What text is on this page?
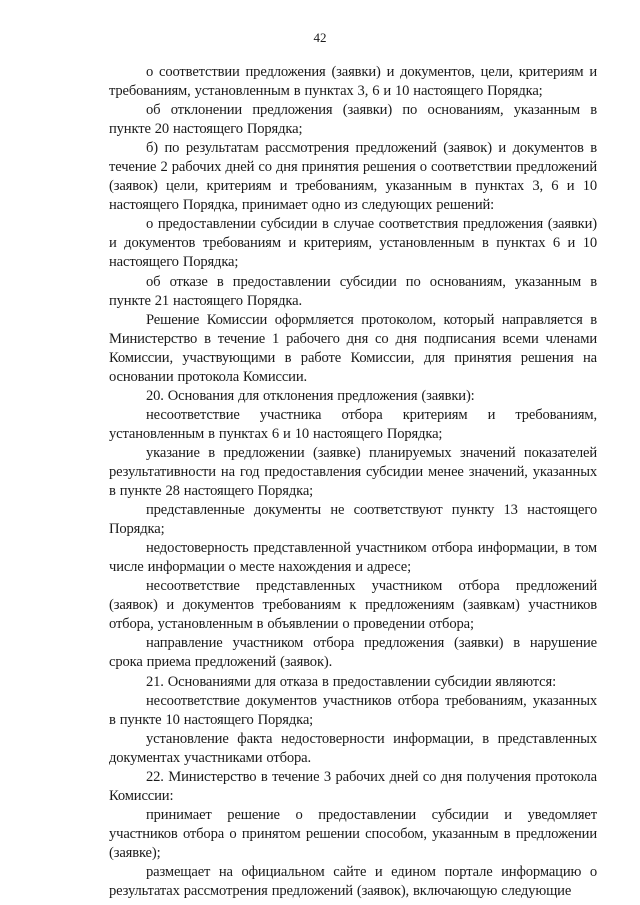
42

о соответствии предложения (заявки) и документов, цели, критериям и требованиям, установленным в пунктах 3, 6 и 10 настоящего Порядка;

об отклонении предложения (заявки) по основаниям, указанным в пункте 20 настоящего Порядка;

б) по результатам рассмотрения предложений (заявок) и документов в течение 2 рабочих дней со дня принятия решения о соответствии предложений (заявок) цели, критериям и требованиям, указанным в пунктах 3, 6 и 10 настоящего Порядка, принимает одно из следующих решений:

о предоставлении субсидии в случае соответствия предложения (заявки) и документов требованиям и критериям, установленным в пунктах 6 и 10 настоящего Порядка;

об отказе в предоставлении субсидии по основаниям, указанным в пункте 21 настоящего Порядка.

Решение Комиссии оформляется протоколом, который направляется в Министерство в течение 1 рабочего дня со дня подписания всеми членами Комиссии, участвующими в работе Комиссии, для принятия решения на основании протокола Комиссии.

20. Основания для отклонения предложения (заявки):

несоответствие участника отбора критериям и требованиям, установленным в пунктах 6 и 10 настоящего Порядка;

указание в предложении (заявке) планируемых значений показателей результативности на год предоставления субсидии менее значений, указанных в пункте 28 настоящего Порядка;

представленные документы не соответствуют пункту 13 настоящего Порядка;

недостоверность представленной участником отбора информации, в том числе информации о месте нахождения и адресе;

несоответствие представленных участником отбора предложений (заявок) и документов требованиям к предложениям (заявкам) участников отбора, установленным в объявлении о проведении отбора;

направление участником отбора предложения (заявки) в нарушение срока приема предложений (заявок).

21. Основаниями для отказа в предоставлении субсидии являются:

несоответствие документов участников отбора требованиям, указанных в пункте 10 настоящего Порядка;

установление факта недостоверности информации, в представленных документах участниками отбора.

22. Министерство в течение 3 рабочих дней со дня получения протокола Комиссии:

принимает решение о предоставлении субсидии и уведомляет участников отбора о принятом решении способом, указанным в предложении (заявке);

размещает на официальном сайте и едином портале информацию о результатах рассмотрения предложений (заявок), включающую следующие
